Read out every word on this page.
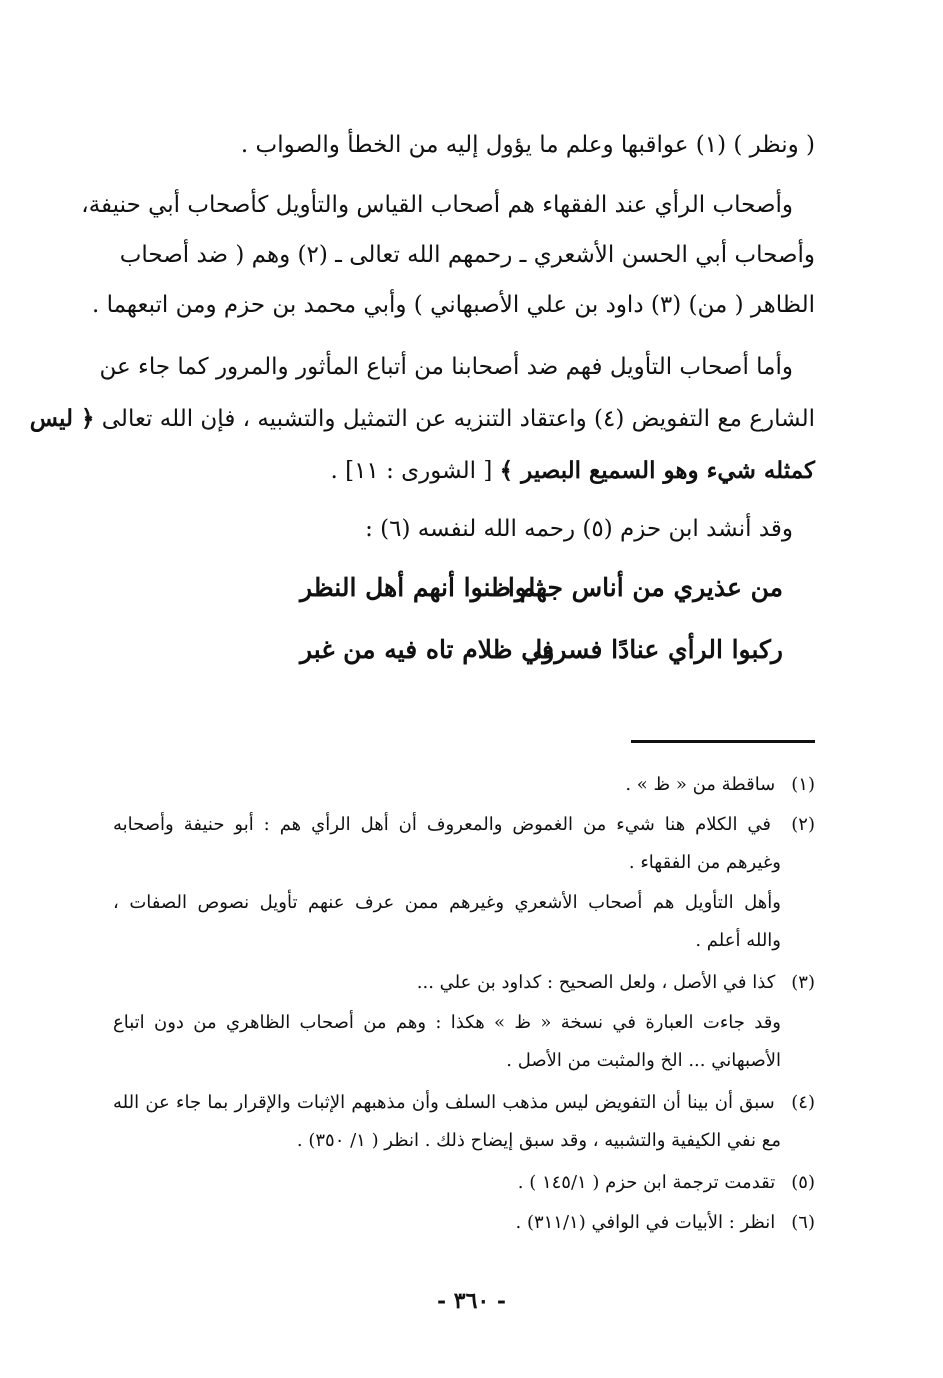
( ونظر ) (١) عواقبها وعلم ما يؤول إليه من الخطأ والصواب .
وأصحاب الرأي عند الفقهاء هم أصحاب القياس والتأويل كأصحاب أبي حنيفة،
وأصحاب أبي الحسن الأشعري ـ رحمهم الله تعالى ـ (٢) وهم ( ضد أصحاب
الظاهر ( من) (٣) داود بن علي الأصبهاني ) وأبي محمد بن حزم ومن اتبعهما .
وأما أصحاب التأويل فهم ضد أصحابنا من أتباع المأثور والمرور كما جاء عن
الشارع مع التفويض (٤) واعتقاد التنزيه عن التمثيل والتشبيه ، فإن الله تعالى ﴿ ليس
كمثله شيء وهو السميع البصير ﴾ [ الشورى : ١١] .
وقد أنشد ابن حزم (٥) رحمه الله لنفسه (٦) :
من عذيري من أناس جهلوا
ثم ظنوا أنهم أهل النظر
ركبوا الرأي عنادًا فسروا
في ظلام تاه فيه من غبر
(١) ساقطة من « ظ » .
(٢) في الكلام هنا شيء من الغموض والمعروف أن أهل الرأي هم : أبو حنيفة وأصحابه
وغيرهم من الفقهاء .
وأهل التأويل هم أصحاب الأشعري وغيرهم ممن عرف عنهم تأويل نصوص الصفات ،
والله أعلم .
(٣) كذا في الأصل ، ولعل الصحيح : كداود بن علي ...
وقد جاءت العبارة في نسخة « ظ » هكذا : وهم من أصحاب الظاهري من دون اتباع
الأصبهاني ... الخ والمثبت من الأصل .
(٤) سبق أن بينا أن التفويض ليس مذهب السلف وأن مذهبهم الإثبات والإقرار بما جاء عن الله
مع نفي الكيفية والتشبيه ، وقد سبق إيضاح ذلك . انظر ( ١/ ٣٥٠) .
(٥) تقدمت ترجمة ابن حزم ( ١٤٥/١ ) .
(٦) انظر : الأبيات في الوافي (٣١١/١) .
- ٣٦٠ -
